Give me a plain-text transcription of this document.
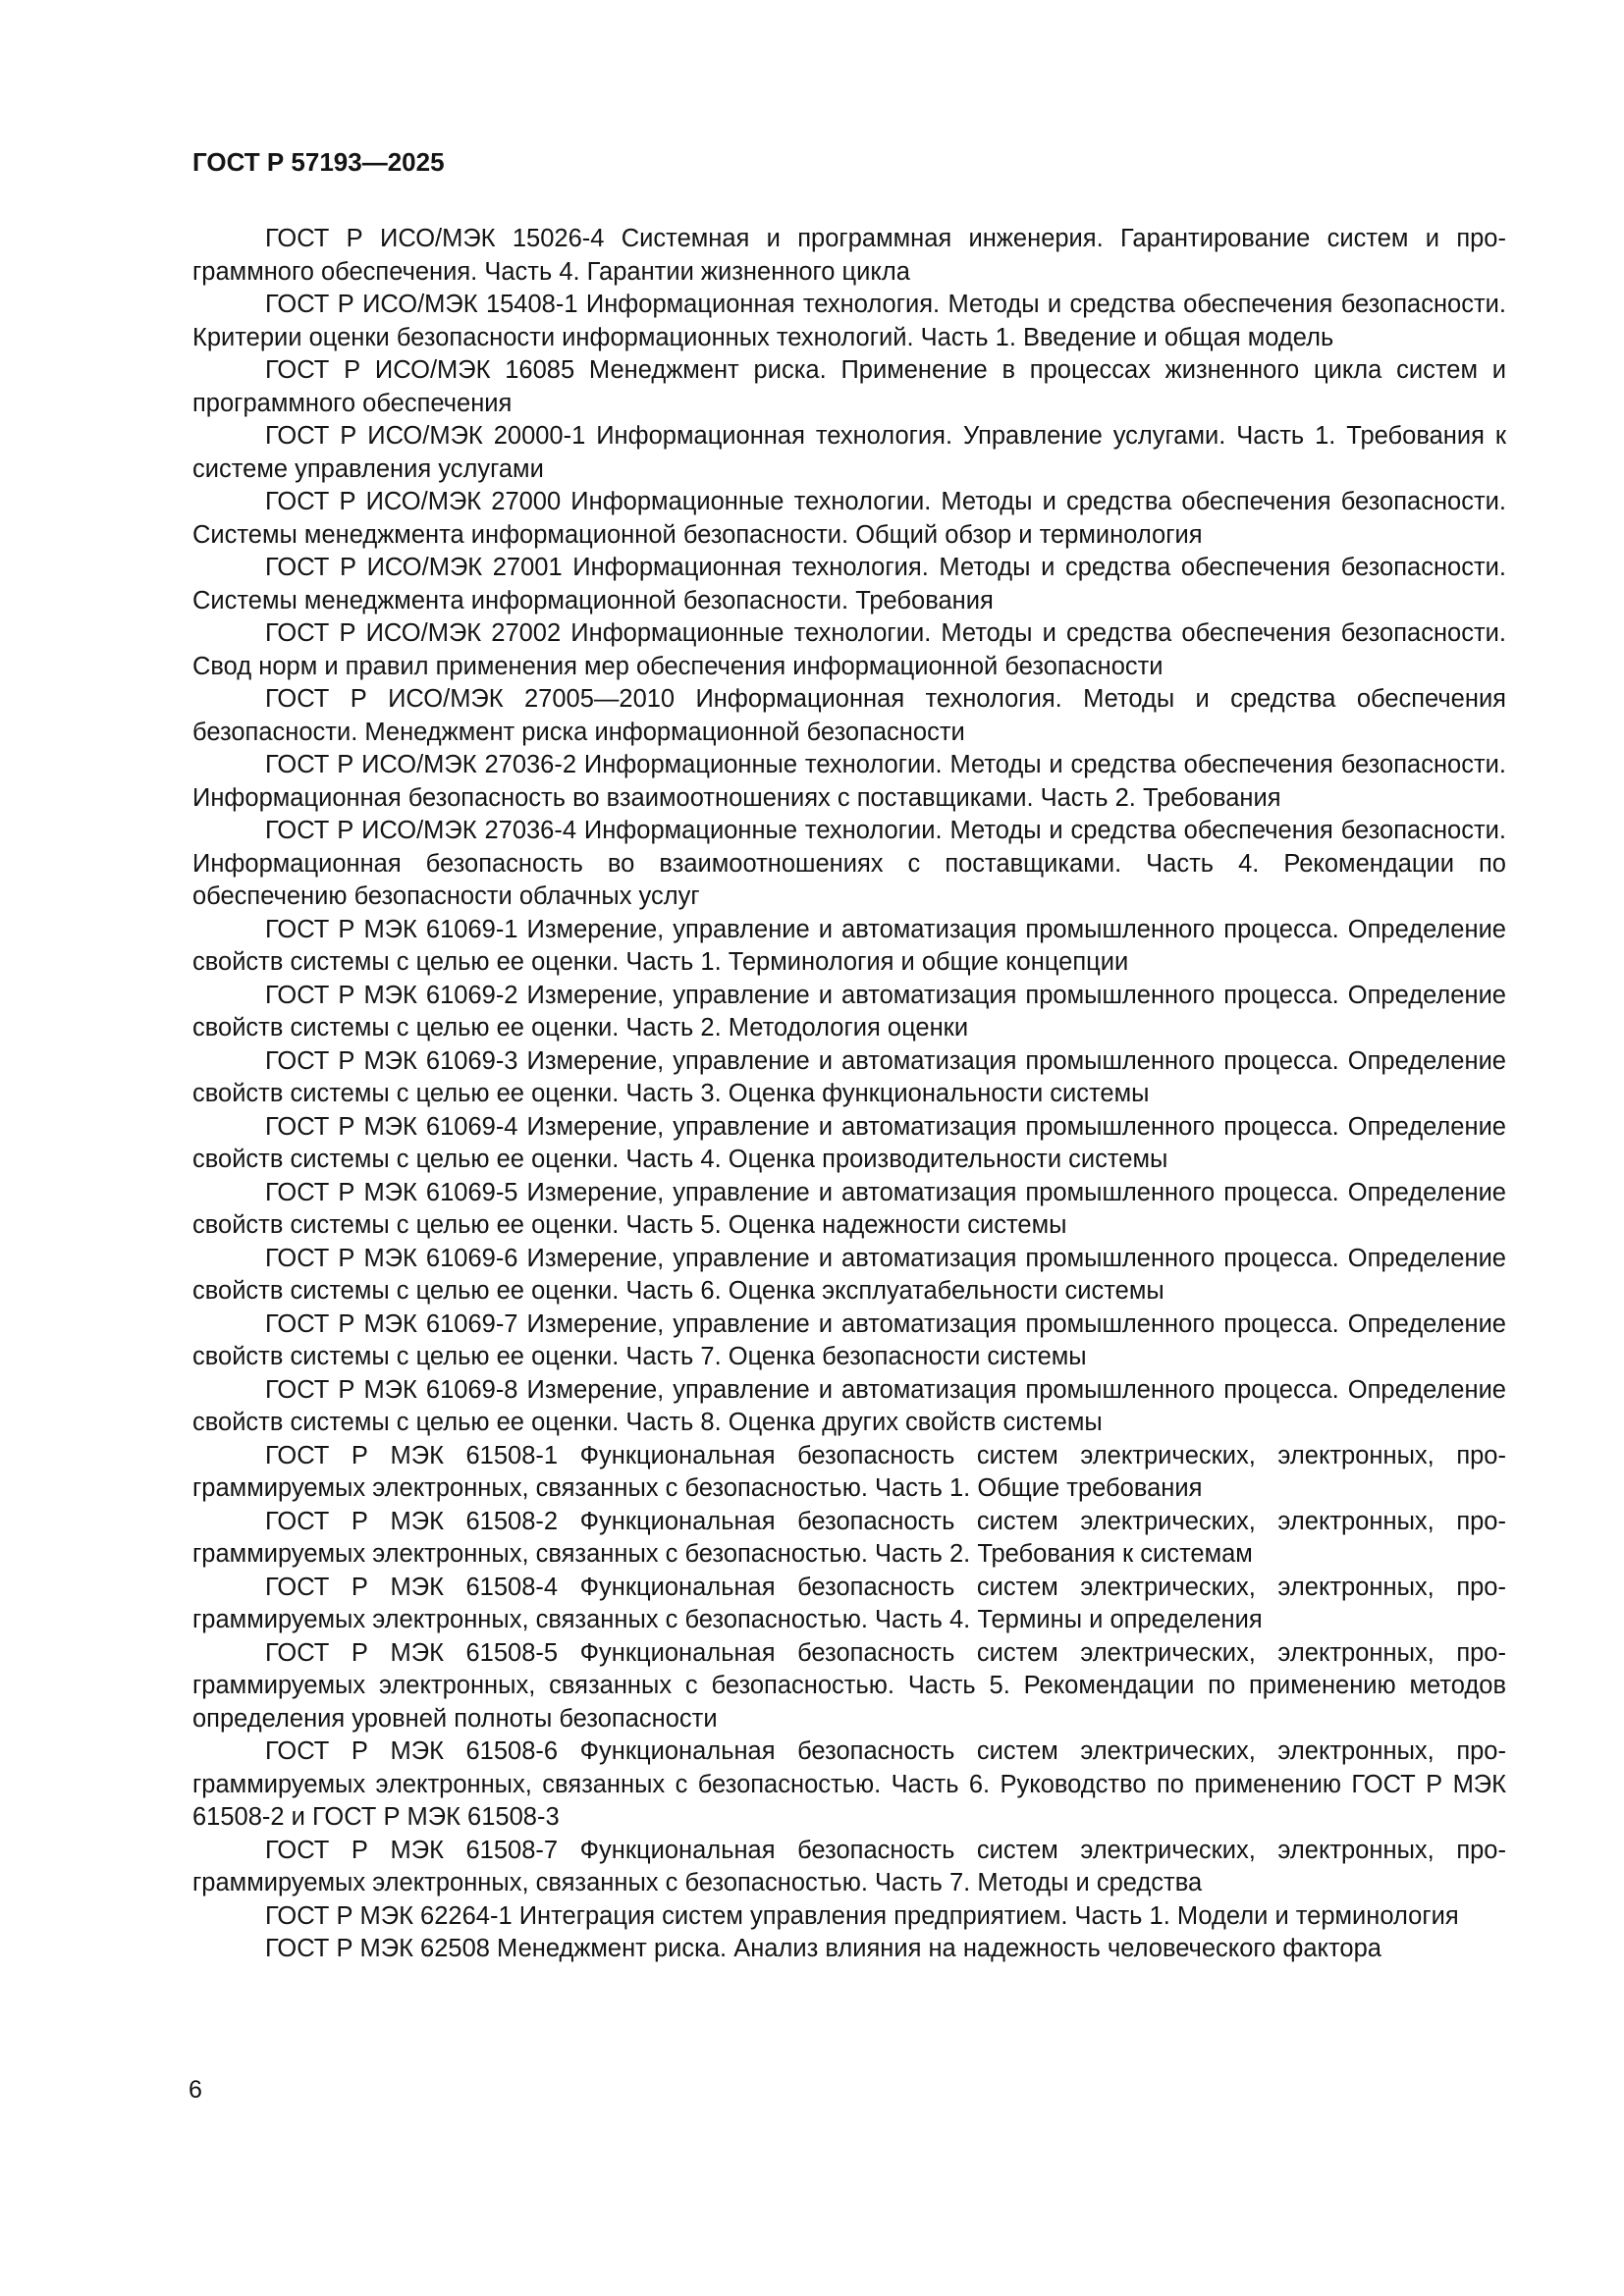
ГОСТ Р 57193—2025

ГОСТ Р ИСО/МЭК 15026-4 Системная и программная инженерия. Гарантирование систем и программного обеспечения. Часть 4. Гарантии жизненного цикла

ГОСТ Р ИСО/МЭК 15408-1 Информационная технология. Методы и средства обеспечения безопасности. Критерии оценки безопасности информационных технологий. Часть 1. Введение и общая модель

ГОСТ Р ИСО/МЭК 16085 Менеджмент риска. Применение в процессах жизненного цикла систем и программного обеспечения

ГОСТ Р ИСО/МЭК 20000-1 Информационная технология. Управление услугами. Часть 1. Требования к системе управления услугами

ГОСТ Р ИСО/МЭК 27000 Информационные технологии. Методы и средства обеспечения безопасности. Системы менеджмента информационной безопасности. Общий обзор и терминология

ГОСТ Р ИСО/МЭК 27001 Информационная технология. Методы и средства обеспечения безопасности. Системы менеджмента информационной безопасности. Требования

ГОСТ Р ИСО/МЭК 27002 Информационные технологии. Методы и средства обеспечения безопасности. Свод норм и правил применения мер обеспечения информационной безопасности

ГОСТ Р ИСО/МЭК 27005—2010 Информационная технология. Методы и средства обеспечения безопасности. Менеджмент риска информационной безопасности

ГОСТ Р ИСО/МЭК 27036-2 Информационные технологии. Методы и средства обеспечения безопасности. Информационная безопасность во взаимоотношениях с поставщиками. Часть 2. Требования

ГОСТ Р ИСО/МЭК 27036-4 Информационные технологии. Методы и средства обеспечения безопасности. Информационная безопасность во взаимоотношениях с поставщиками. Часть 4. Рекомендации по обеспечению безопасности облачных услуг

ГОСТ Р МЭК 61069-1 Измерение, управление и автоматизация промышленного процесса. Определение свойств системы с целью ее оценки. Часть 1. Терминология и общие концепции

ГОСТ Р МЭК 61069-2 Измерение, управление и автоматизация промышленного процесса. Определение свойств системы с целью ее оценки. Часть 2. Методология оценки

ГОСТ Р МЭК 61069-3 Измерение, управление и автоматизация промышленного процесса. Определение свойств системы с целью ее оценки. Часть 3. Оценка функциональности системы

ГОСТ Р МЭК 61069-4 Измерение, управление и автоматизация промышленного процесса. Определение свойств системы с целью ее оценки. Часть 4. Оценка производительности системы

ГОСТ Р МЭК 61069-5 Измерение, управление и автоматизация промышленного процесса. Определение свойств системы с целью ее оценки. Часть 5. Оценка надежности системы

ГОСТ Р МЭК 61069-6 Измерение, управление и автоматизация промышленного процесса. Определение свойств системы с целью ее оценки. Часть 6. Оценка эксплуатабельности системы

ГОСТ Р МЭК 61069-7 Измерение, управление и автоматизация промышленного процесса. Определение свойств системы с целью ее оценки. Часть 7. Оценка безопасности системы

ГОСТ Р МЭК 61069-8 Измерение, управление и автоматизация промышленного процесса. Определение свойств системы с целью ее оценки. Часть 8. Оценка других свойств системы

ГОСТ Р МЭК 61508-1 Функциональная безопасность систем электрических, электронных, программируемых электронных, связанных с безопасностью. Часть 1. Общие требования

ГОСТ Р МЭК 61508-2 Функциональная безопасность систем электрических, электронных, программируемых электронных, связанных с безопасностью. Часть 2. Требования к системам

ГОСТ Р МЭК 61508-4 Функциональная безопасность систем электрических, электронных, программируемых электронных, связанных с безопасностью. Часть 4. Термины и определения

ГОСТ Р МЭК 61508-5 Функциональная безопасность систем электрических, электронных, программируемых электронных, связанных с безопасностью. Часть 5. Рекомендации по применению методов определения уровней полноты безопасности

ГОСТ Р МЭК 61508-6 Функциональная безопасность систем электрических, электронных, программируемых электронных, связанных с безопасностью. Часть 6. Руководство по применению ГОСТ Р МЭК 61508-2 и ГОСТ Р МЭК 61508-3

ГОСТ Р МЭК 61508-7 Функциональная безопасность систем электрических, электронных, программируемых электронных, связанных с безопасностью. Часть 7. Методы и средства

ГОСТ Р МЭК 62264-1 Интеграция систем управления предприятием. Часть 1. Модели и терминология

ГОСТ Р МЭК 62508 Менеджмент риска. Анализ влияния на надежность человеческого фактора

6
